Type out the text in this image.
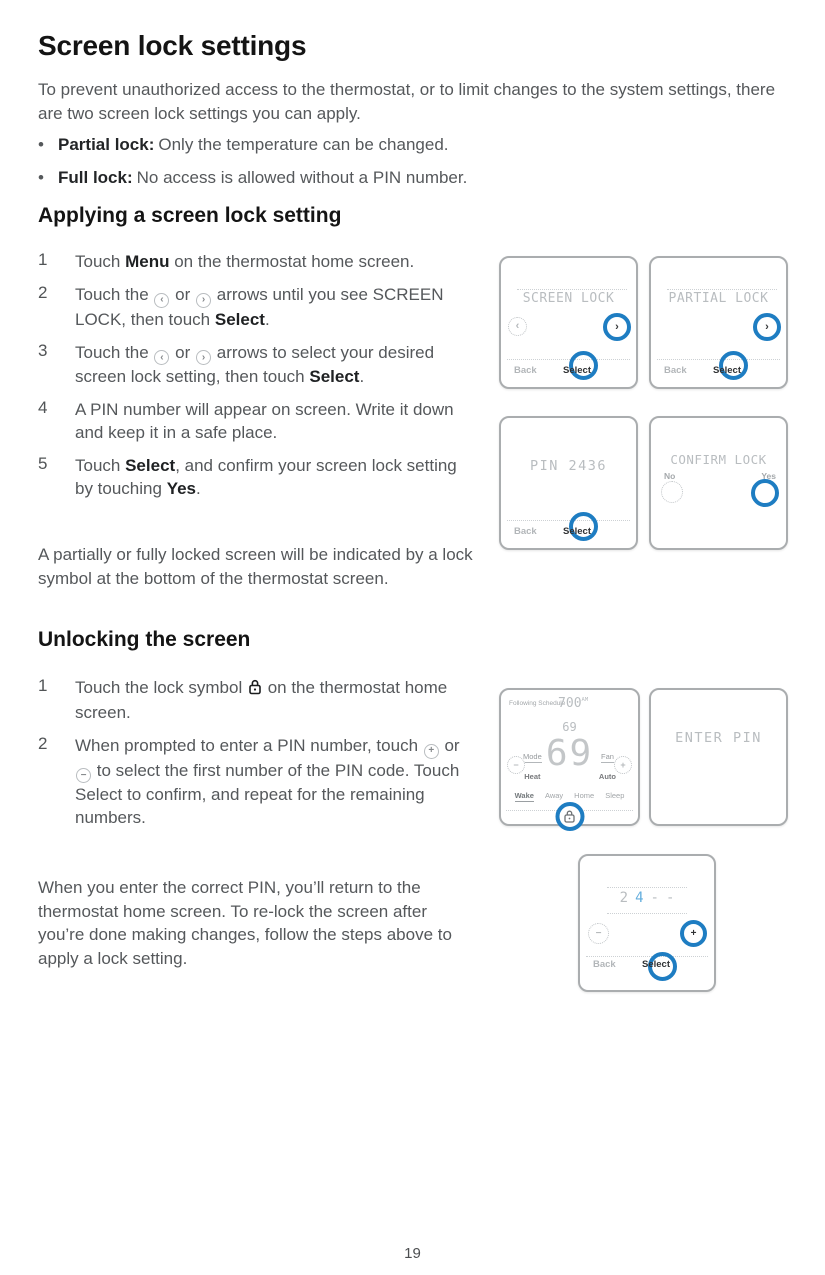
Screen lock settings

To prevent unauthorized access to the thermostat, or to limit changes to the system settings, there are two screen lock settings you can apply.

• Partial lock: Only the temperature can be changed.
• Full lock: No access is allowed without a PIN number.
Applying a screen lock setting
1	Touch Menu on the thermostat home screen.
2	Touch the ‹ or › arrows until you see SCREEN LOCK, then touch Select.
3	Touch the ‹ or › arrows to select your desired screen lock setting, then touch Select.
4	A PIN number will appear on screen. Write it down and keep it in a safe place.
5	Touch Select, and confirm your screen lock setting by touching Yes.

A partially or fully locked screen will be indicated by a lock symbol at the bottom of the thermostat screen.

Unlocking the screen
1	Touch the lock symbol  on the thermostat home screen.
2	When prompted to enter a PIN number, touch + or − to select the first number of the PIN code. Touch Select to confirm, and repeat for the remaining numbers.

When you enter the correct PIN, you’ll return to the thermostat home screen. To re-lock the screen after you’re done making changes, follow the steps above to apply a lock setting.

19
SCREEN LOCK
‹	›
Back	Select
PARTIAL LOCK
›
Back	Select
PIN 2436
Back	Select
CONFIRM LOCK
No	Yes
Following Schedule
$700^{AM}$
69
Mode
Heat
69	Fan
Auto
−	+
Wake Away Home Sleep
ENTER PIN
2 4 - -
−	+
Back	Select
